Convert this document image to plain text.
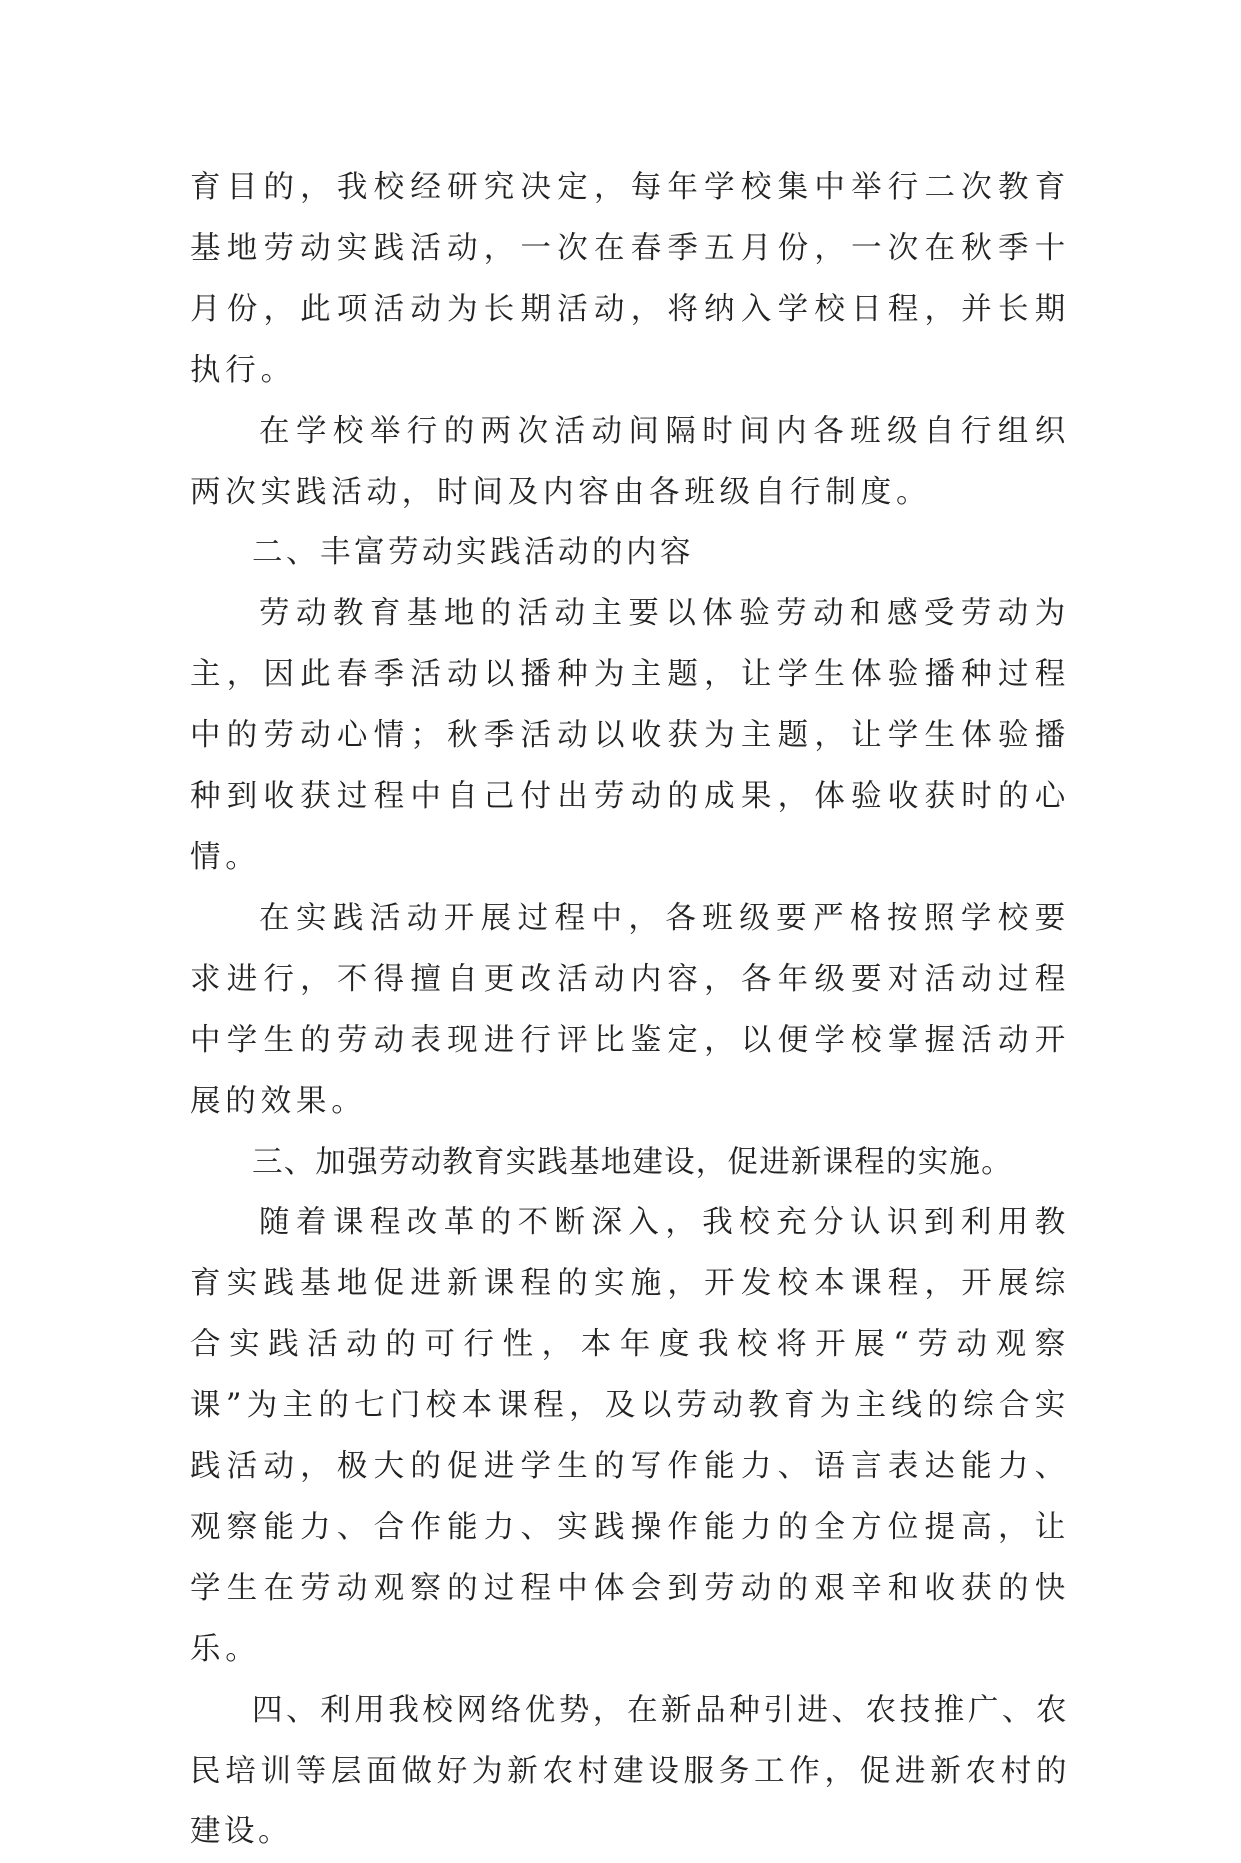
育目的，我校经研究决定，每年学校集中举行二次教育基地劳动实践活动，一次在春季五月份，一次在秋季十月份，此项活动为长期活动，将纳入学校日程，并长期执行。

在学校举行的两次活动间隔时间内各班级自行组织两次实践活动，时间及内容由各班级自行制度。

二、丰富劳动实践活动的内容

劳动教育基地的活动主要以体验劳动和感受劳动为主，因此春季活动以播种为主题，让学生体验播种过程中的劳动心情；秋季活动以收获为主题，让学生体验播种到收获过程中自己付出劳动的成果，体验收获时的心情。

在实践活动开展过程中，各班级要严格按照学校要求进行，不得擅自更改活动内容，各年级要对活动过程中学生的劳动表现进行评比鉴定，以便学校掌握活动开展的效果。

三、加强劳动教育实践基地建设，促进新课程的实施。

随着课程改革的不断深入，我校充分认识到利用教育实践基地促进新课程的实施，开发校本课程，开展综合实践活动的可行性，本年度我校将开展“劳动观察课”为主的七门校本课程，及以劳动教育为主线的综合实践活动，极大的促进学生的写作能力、语言表达能力、观察能力、合作能力、实践操作能力的全方位提高，让学生在劳动观察的过程中体会到劳动的艰辛和收获的快乐。

四、利用我校网络优势，在新品种引进、农技推广、农民培训等层面做好为新农村建设服务工作，促进新农村的建设。
